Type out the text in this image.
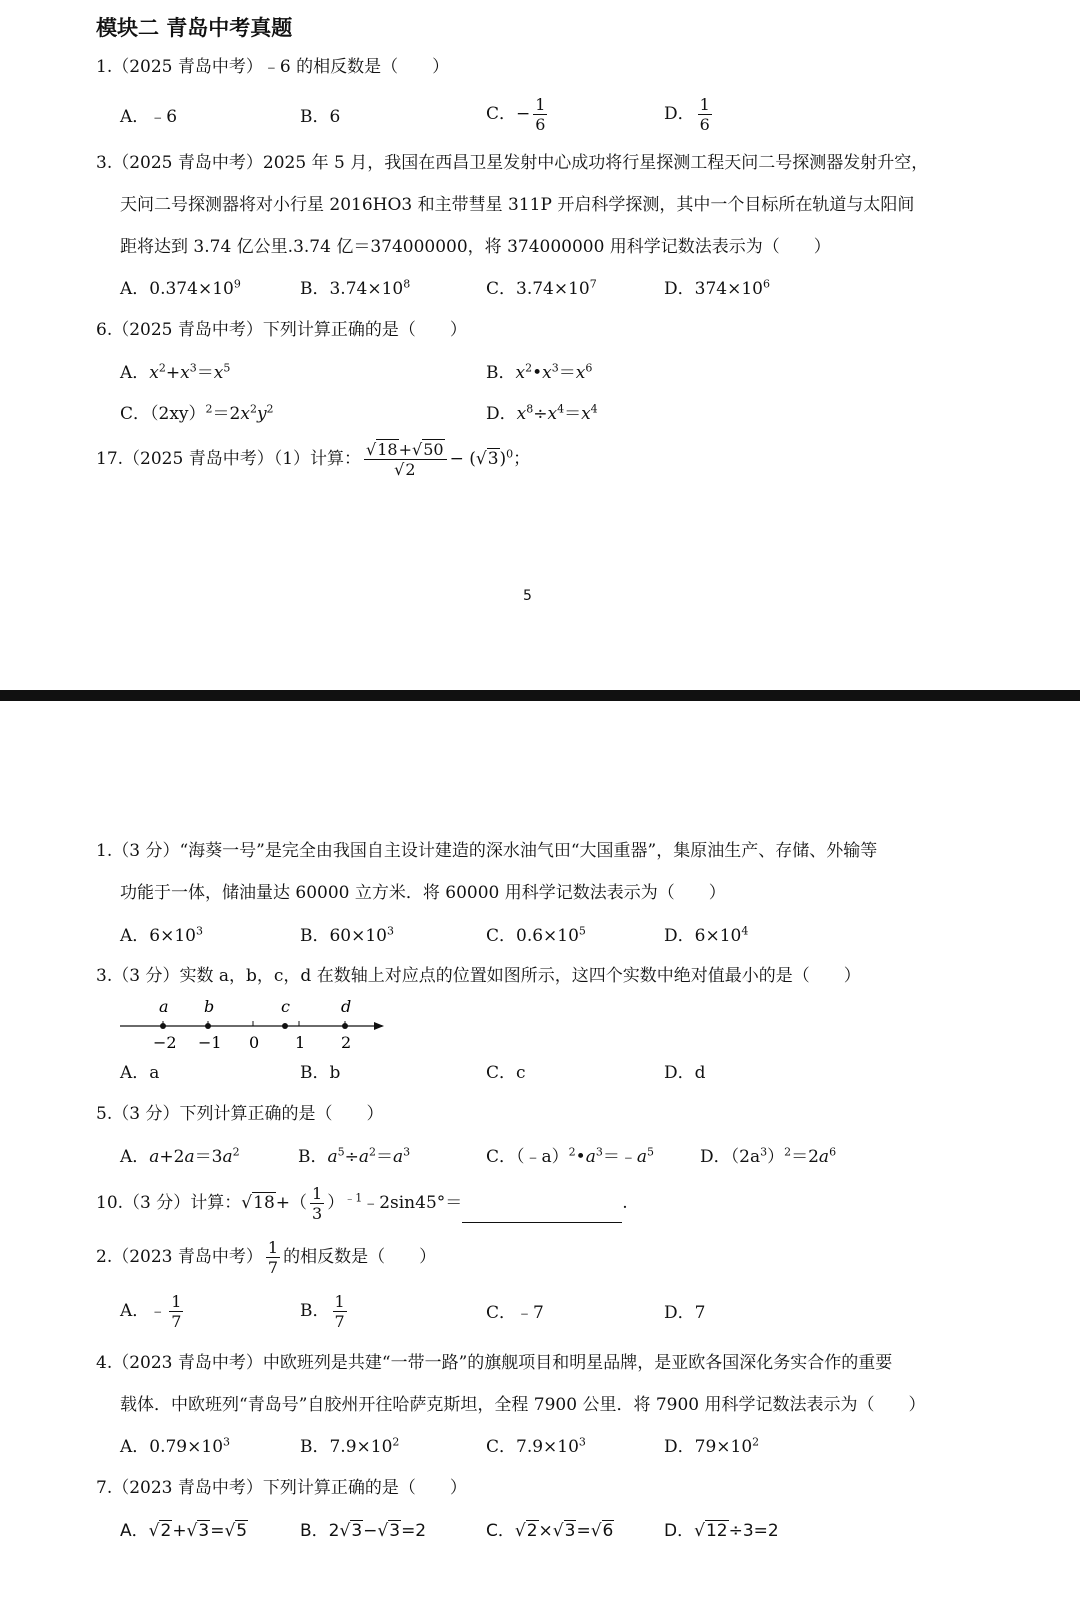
模块二 青岛中考真题
1.（2025 青岛中考）﹣6 的相反数是（　　）
A．﹣6	B．6	C．− $\frac{1}{6}$	D． $\frac{1}{6}$
3.（2025 青岛中考）2025 年 5 月，我国在西昌卫星发射中心成功将行星探测工程天问二号探测器发射升空，
天问二号探测器将对小行星 2016HO3 和主带彗星 311P 开启科学探测，其中一个目标所在轨道与太阳间
距将达到 3.74 亿公里.3.74 亿＝374000000，将 374000000 用科学记数法表示为（　　）
A．$0.374\times 10^9$	B．$3.74\times 10^8$	C．$3.74\times 10^7$	D．$374\times 10^6$
6.（2025 青岛中考）下列计算正确的是（　　）
A．$x^2+x^3=x^5$	B．$x^2•x^3=x^6$
C．$(2xy)^2=2x^2y^2$	D．$x^8\div x^4=x^4$
17.（2025 青岛中考）（1）计算： $\frac{√18+√50}{√2} - (√3)^0$；
5
1.（3 分）“海葵一号”是完全由我国自主设计建造的深水油气田“大国重器”，集原油生产、存储、外输等
功能于一体，储油量达 60000 立方米．将 60000 用科学记数法表示为（　　）
A．$6\times 10^3$	B．$60\times 10^3$	C．$0.6\times 10^5$	D．$6\times 10^4$
3.（3 分）实数 a，b，c，d 在数轴上对应点的位置如图所示，这四个实数中绝对值最小的是（　　）
a b	c	d
−2 −1 0 1 2
A．a	B．b	C．c	D．d
5.（3 分）下列计算正确的是（　　）
A．$a+2a=3a^2$	B．$a^5\div a^2=a^3$	C．$(﹣a)^2•a^3=﹣a^5$	D．$(2a^3)^2=2a^6$
10.（3 分）计算：$√18+( \frac{1}{3}$ ）$^{﹣1}﹣2\sin 45^\circ=$	.
2.（2023 青岛中考） $\frac{1}{7}$ 的相反数是（　　）
A．﹣ $\frac{1}{7}$	B． $\frac{1}{7}$	C．﹣7	D．7
4.（2023 青岛中考）中欧班列是共建“一带一路”的旗舰项目和明星品牌，是亚欧各国深化务实合作的重要
载体．中欧班列“青岛号”自胶州开往哈萨克斯坦，全程 7900 公里．将 7900 用科学记数法表示为（　　）
A．$0.79\times 10^3$	B．$7.9\times 10^2$	C．$7.9\times 10^3$	D．$79\times 10^2$
7.（2023 青岛中考）下列计算正确的是（　　）
A．√2+√3=√5	B．2√3−√3=2	C．√2×√3=√6	D．√12÷3=2
